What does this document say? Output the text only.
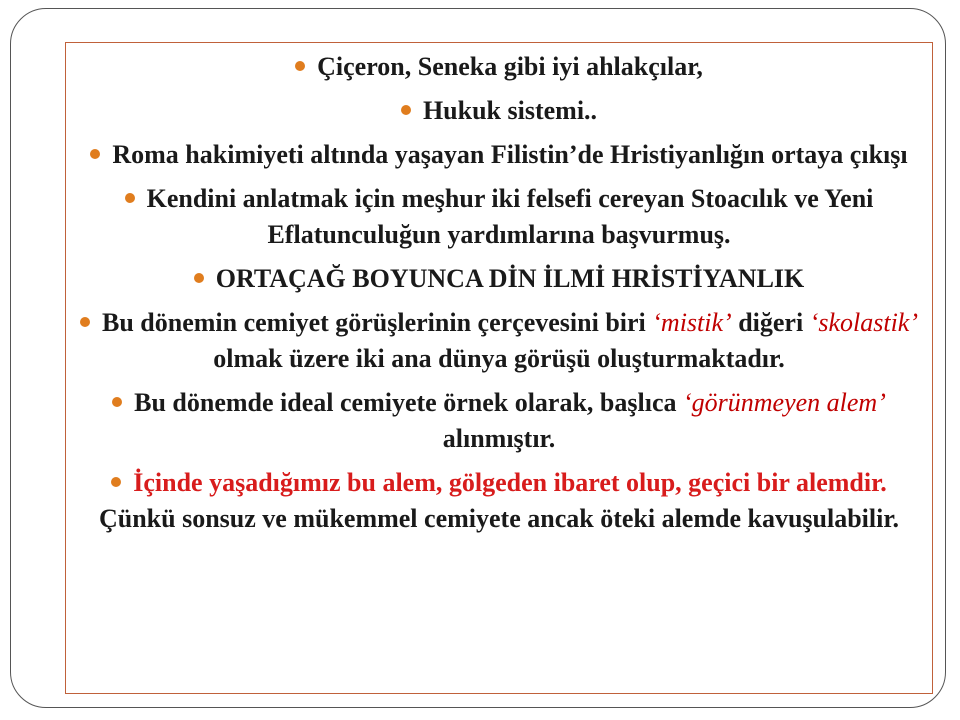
Çiçeron, Seneka gibi iyi ahlakçılar,
Hukuk sistemi..
Roma hakimiyeti altında yaşayan Filistin’de Hristiyanlığın ortaya çıkışı
Kendini anlatmak için meşhur iki felsefi cereyan Stoacılık ve Yeni Eflatunculuğun yardımlarına başvurmuş.
ORTAÇAĞ BOYUNCA DİN İLMİ HRİSTİYANLIK
Bu dönemin cemiyet görüşlerinin çerçevesini biri ‘mistik’ diğeri ‘skolastik’ olmak üzere iki ana dünya görüşü oluşturmaktadır.
Bu dönemde ideal cemiyete örnek olarak, başlıca ‘görünmeyen alem’ alınmıştır.
İçinde yaşadığımız bu alem, gölgeden ibaret olup, geçici bir alemdir. Çünkü sonsuz ve mükemmel cemiyete ancak öteki alemde kavuşulabilir.
